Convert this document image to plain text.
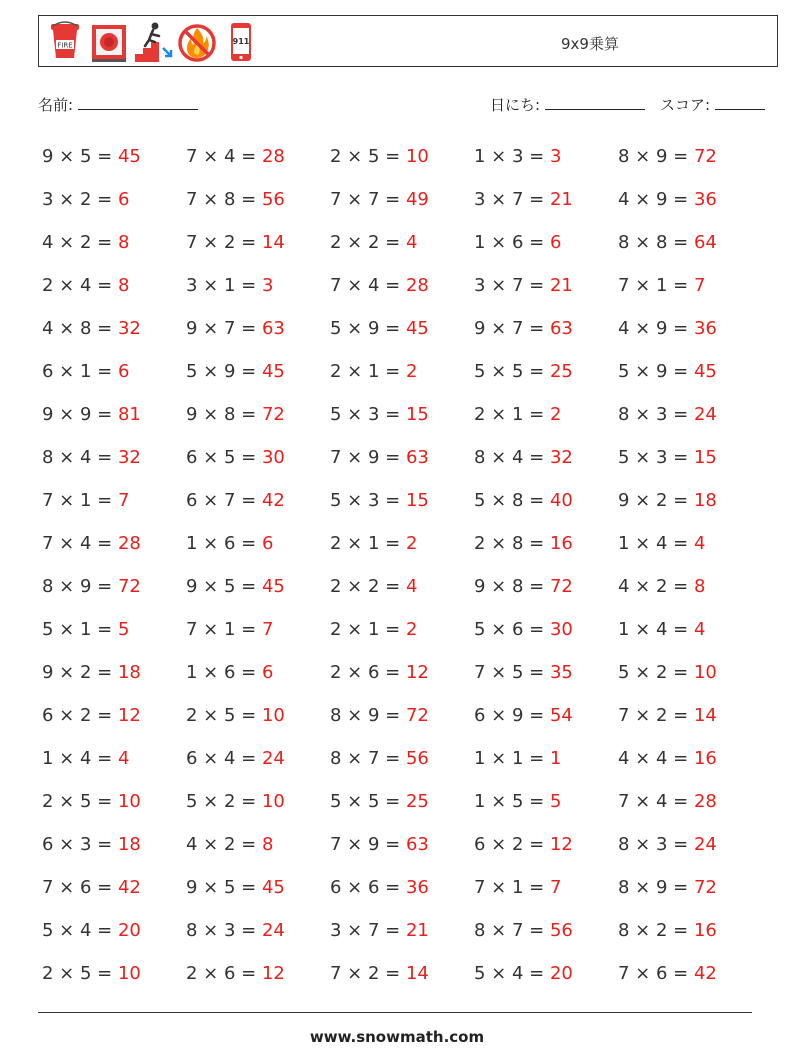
FIRE	911	9x9乗算
名前:	日にち:	スコア:
9 × 5 = 45	7 × 4 = 28	2 × 5 = 10	1 × 3 = 3	8 × 9 = 72
3 × 2 = 6	7 × 8 = 56	7 × 7 = 49	3 × 7 = 21	4 × 9 = 36
4 × 2 = 8	7 × 2 = 14	2 × 2 = 4	1 × 6 = 6	8 × 8 = 64
2 × 4 = 8	3 × 1 = 3	7 × 4 = 28	3 × 7 = 21	7 × 1 = 7
4 × 8 = 32	9 × 7 = 63	5 × 9 = 45	9 × 7 = 63	4 × 9 = 36
6 × 1 = 6	5 × 9 = 45	2 × 1 = 2	5 × 5 = 25	5 × 9 = 45
9 × 9 = 81	9 × 8 = 72	5 × 3 = 15	2 × 1 = 2	8 × 3 = 24
8 × 4 = 32	6 × 5 = 30	7 × 9 = 63	8 × 4 = 32	5 × 3 = 15
7 × 1 = 7	6 × 7 = 42	5 × 3 = 15	5 × 8 = 40	9 × 2 = 18
7 × 4 = 28	1 × 6 = 6	2 × 1 = 2	2 × 8 = 16	1 × 4 = 4
8 × 9 = 72	9 × 5 = 45	2 × 2 = 4	9 × 8 = 72	4 × 2 = 8
5 × 1 = 5	7 × 1 = 7	2 × 1 = 2	5 × 6 = 30	1 × 4 = 4
9 × 2 = 18	1 × 6 = 6	2 × 6 = 12	7 × 5 = 35	5 × 2 = 10
6 × 2 = 12	2 × 5 = 10	8 × 9 = 72	6 × 9 = 54	7 × 2 = 14
1 × 4 = 4	6 × 4 = 24	8 × 7 = 56	1 × 1 = 1	4 × 4 = 16
2 × 5 = 10	5 × 2 = 10	5 × 5 = 25	1 × 5 = 5	7 × 4 = 28
6 × 3 = 18	4 × 2 = 8	7 × 9 = 63	6 × 2 = 12	8 × 3 = 24
7 × 6 = 42	9 × 5 = 45	6 × 6 = 36	7 × 1 = 7	8 × 9 = 72
5 × 4 = 20	8 × 3 = 24	3 × 7 = 21	8 × 7 = 56	8 × 2 = 16
2 × 5 = 10	2 × 6 = 12	7 × 2 = 14	5 × 4 = 20	7 × 6 = 42
www.snowmath.com
